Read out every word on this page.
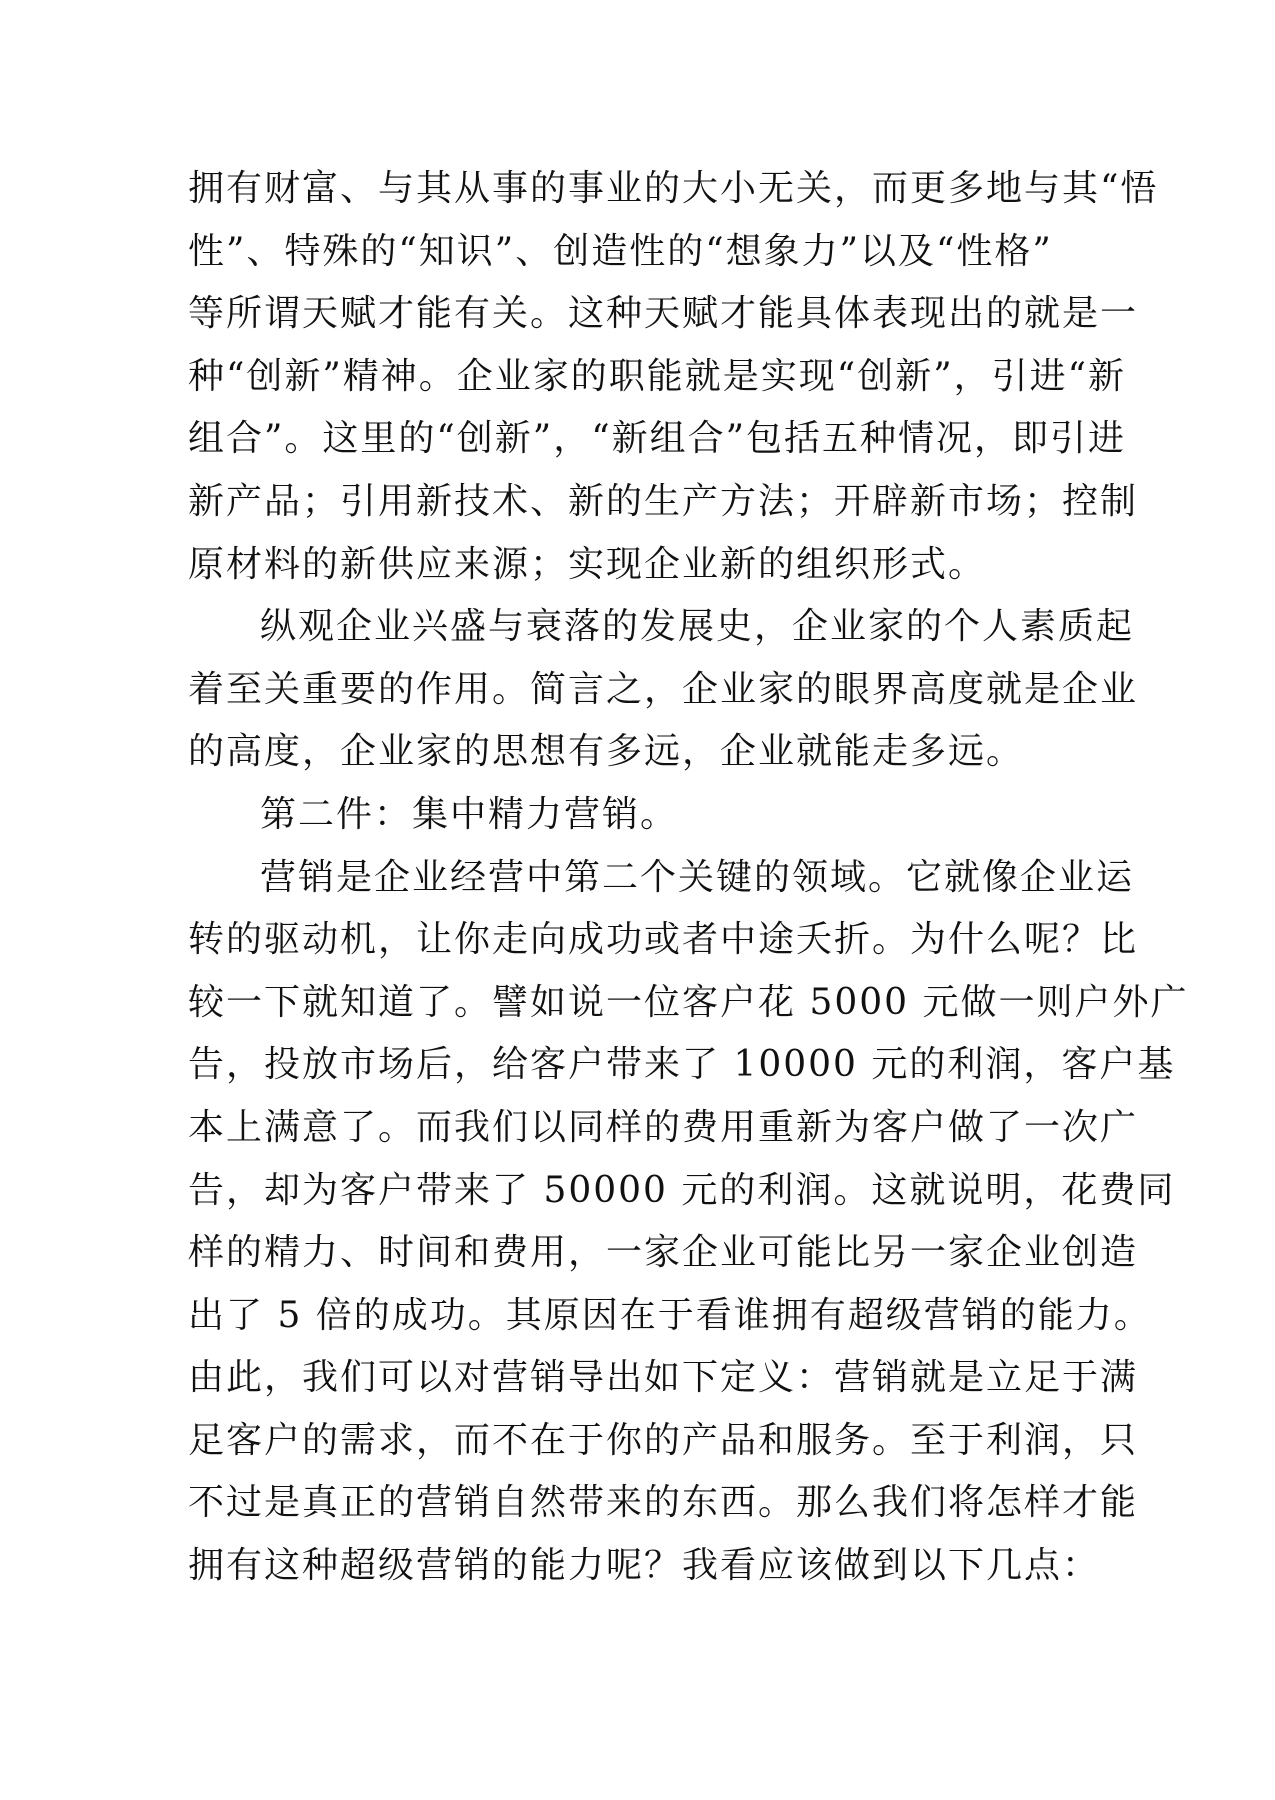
拥有财富、与其从事的事业的大小无关，而更多地与其“悟
性”、特殊的“知识”、创造性的“想象力”以及“性格”
等所谓天赋才能有关。这种天赋才能具体表现出的就是一
种“创新”精神。企业家的职能就是实现“创新”，引进“新
组合”。这里的“创新”，“新组合”包括五种情况，即引进
新产品；引用新技术、新的生产方法；开辟新市场；控制
原材料的新供应来源；实现企业新的组织形式。
纵观企业兴盛与衰落的发展史，企业家的个人素质起
着至关重要的作用。简言之，企业家的眼界高度就是企业
的高度，企业家的思想有多远，企业就能走多远。
第二件：集中精力营销。
营销是企业经营中第二个关键的领域。它就像企业运
转的驱动机，让你走向成功或者中途夭折。为什么呢？比
较一下就知道了。譬如说一位客户花 5000 元做一则户外广
告，投放市场后，给客户带来了 10000 元的利润，客户基
本上满意了。而我们以同样的费用重新为客户做了一次广
告，却为客户带来了 50000 元的利润。这就说明，花费同
样的精力、时间和费用，一家企业可能比另一家企业创造
出了 5 倍的成功。其原因在于看谁拥有超级营销的能力。
由此，我们可以对营销导出如下定义：营销就是立足于满
足客户的需求，而不在于你的产品和服务。至于利润，只
不过是真正的营销自然带来的东西。那么我们将怎样才能
拥有这种超级营销的能力呢？我看应该做到以下几点：
